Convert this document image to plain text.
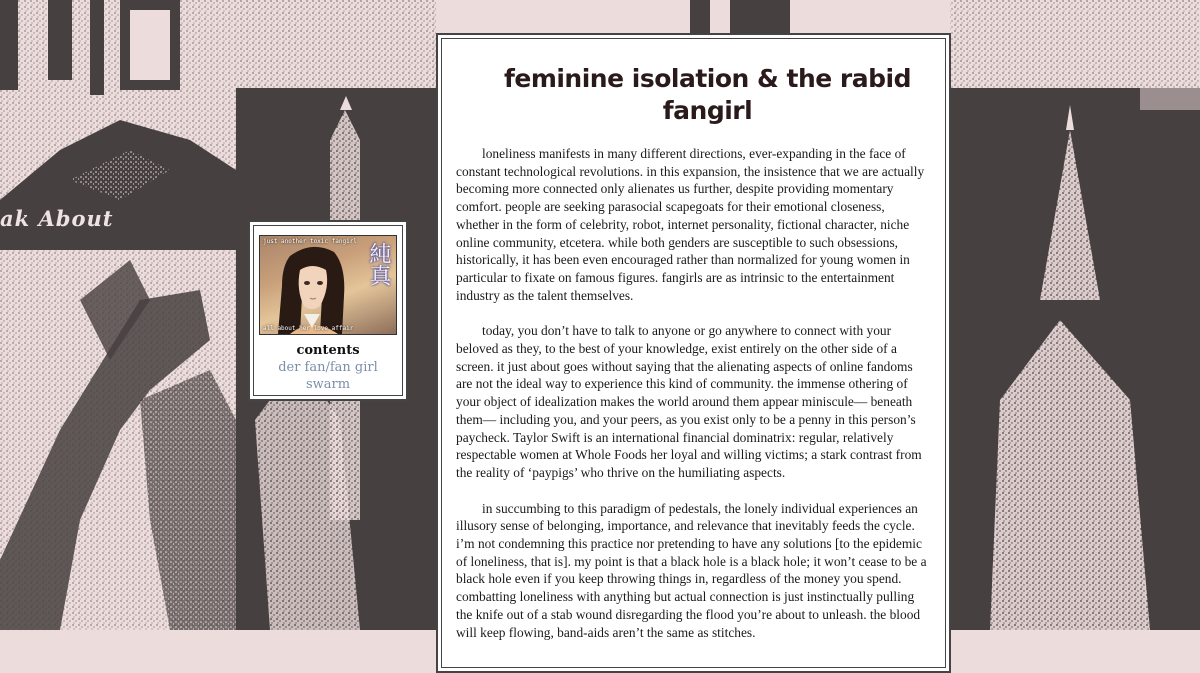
ak About
just another toxic fangirl
純真
all about her love affair
contents
der fan/fan girl
swarm
feminine isolation & the rabid fangirl

loneliness manifests in many different directions, ever-expanding in the face of constant technological revolutions. in this expansion, the insistence that we are actually becoming more connected only alienates us further, despite providing momentary comfort. people are seeking parasocial scapegoats for their emotional closeness, whether in the form of celebrity, robot, internet personality, fictional character, niche online community, etcetera. while both genders are susceptible to such obsessions, historically, it has been even encouraged rather than normalized for young women in particular to fixate on famous figures. fangirls are as intrinsic to the entertainment industry as the talent themselves.

today, you don’t have to talk to anyone or go anywhere to connect with your beloved as they, to the best of your knowledge, exist entirely on the other side of a screen. it just about goes without saying that the alienating aspects of online fandoms are not the ideal way to experience this kind of community. the immense othering of your object of idealization makes the world around them appear miniscule— beneath them— including you, and your peers, as you exist only to be a penny in this person’s paycheck. Taylor Swift is an international financial dominatrix: regular, relatively respectable women at Whole Foods her loyal and willing victims; a stark contrast from the reality of ‘paypigs’ who thrive on the humiliating aspects.

in succumbing to this paradigm of pedestals, the lonely individual experiences an illusory sense of belonging, importance, and relevance that inevitably feeds the cycle. i’m not condemning this practice nor pretending to have any solutions [to the epidemic of loneliness, that is]. my point is that a black hole is a black hole; it won’t cease to be a black hole even if you keep throwing things in, regardless of the money you spend. combatting loneliness with anything but actual connection is just instinctually pulling the knife out of a stab wound disregarding the flood you’re about to unleash. the blood will keep flowing, band-aids aren’t the same as stitches.
